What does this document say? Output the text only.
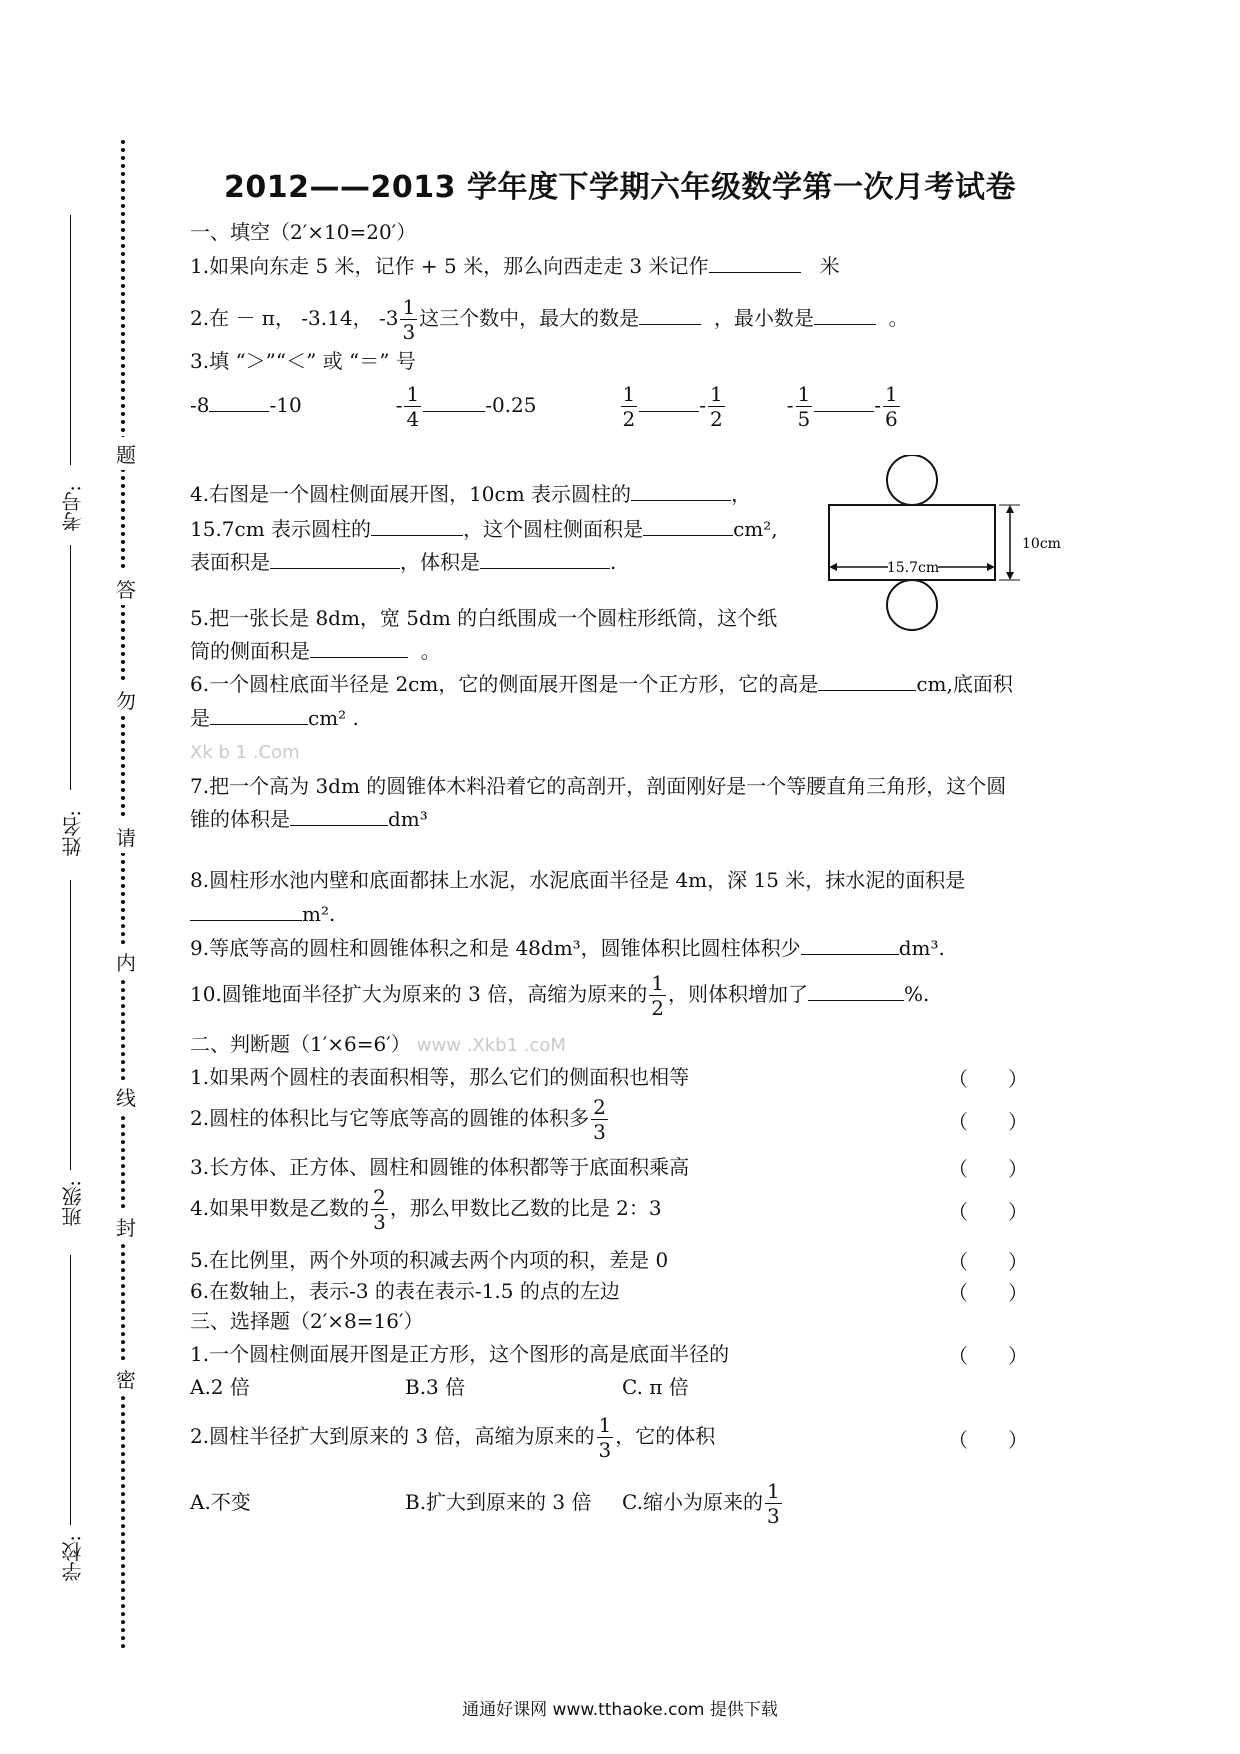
考号:
姓名:
班级:
学校:
题
答
勿
请
内
线
封
密
2012——2013 学年度下学期六年级数学第一次月考试卷
一、填空（2′×10=20′）
1.如果向东走 5 米，记作 + 5 米，那么向西走走 3 米记作	米
2.在 － π， -3.14， $-3 \frac{1}{3}$ 这三个数中，最大的数是	，最小数是	。
3.填 “＞”“＜” 或 “＝” 号
-8	-10	- $\frac{1}{4}$	-0.25	$\frac{1}{2}$	- $\frac{1}{2}$	- $\frac{1}{5}$	- $\frac{1}{6}$
4.右图是一个圆柱侧面展开图，10cm 表示圆柱的	，
15.7cm 表示圆柱的	，这个圆柱侧面积是	cm²,
表面积是	，体积是	.	15.7cm
10cm
5.把一张长是 8dm，宽 5dm 的白纸围成一个圆柱形纸筒，这个纸
筒的侧面积是	。
6.一个圆柱底面半径是 2cm，它的侧面展开图是一个正方形，它的高是	cm,底面积
是	cm² .
Xk b 1 .Com
7.把一个高为 3dm 的圆锥体木料沿着它的高剖开，剖面刚好是一个等腰直角三角形，这个圆
锥的体积是	dm³
8.圆柱形水池内壁和底面都抹上水泥，水泥底面半径是 4m，深 15 米，抹水泥的面积是
m².
9.等底等高的圆柱和圆锥体积之和是 48dm³，圆锥体积比圆柱体积少	dm³.
10.圆锥地面半径扩大为原来的 3 倍，高缩为原来的 $\frac{1}{2}$ ，则体积增加了	%.
二、判断题（1′×6=6′） www .Xkb1 .coM
1.如果两个圆柱的表面积相等，那么它们的侧面积也相等	（ ）
2.圆柱的体积比与它等底等高的圆锥的体积多 $\frac{2}{3}$	（ ）
3.长方体、正方体、圆柱和圆锥的体积都等于底面积乘高	（ ）
4.如果甲数是乙数的 $\frac{2}{3}$ ，那么甲数比乙数的比是 2：3	（ ）
5.在比例里，两个外项的积减去两个内项的积，差是 0	（ ）
6.在数轴上，表示-3 的表在表示-1.5 的点的左边	（ ）
三、选择题（2′×8=16′）
1.一个圆柱侧面展开图是正方形，这个图形的高是底面半径的	（ ）
A.2 倍	B.3 倍	C. π 倍
2.圆柱半径扩大到原来的 3 倍，高缩为原来的 $\frac{1}{3}$ ，它的体积	（ ）
A.不变	B.扩大到原来的 3 倍 C.缩小为原来的 $\frac{1}{3}$
通通好课网 www.tthaoke.com 提供下载
